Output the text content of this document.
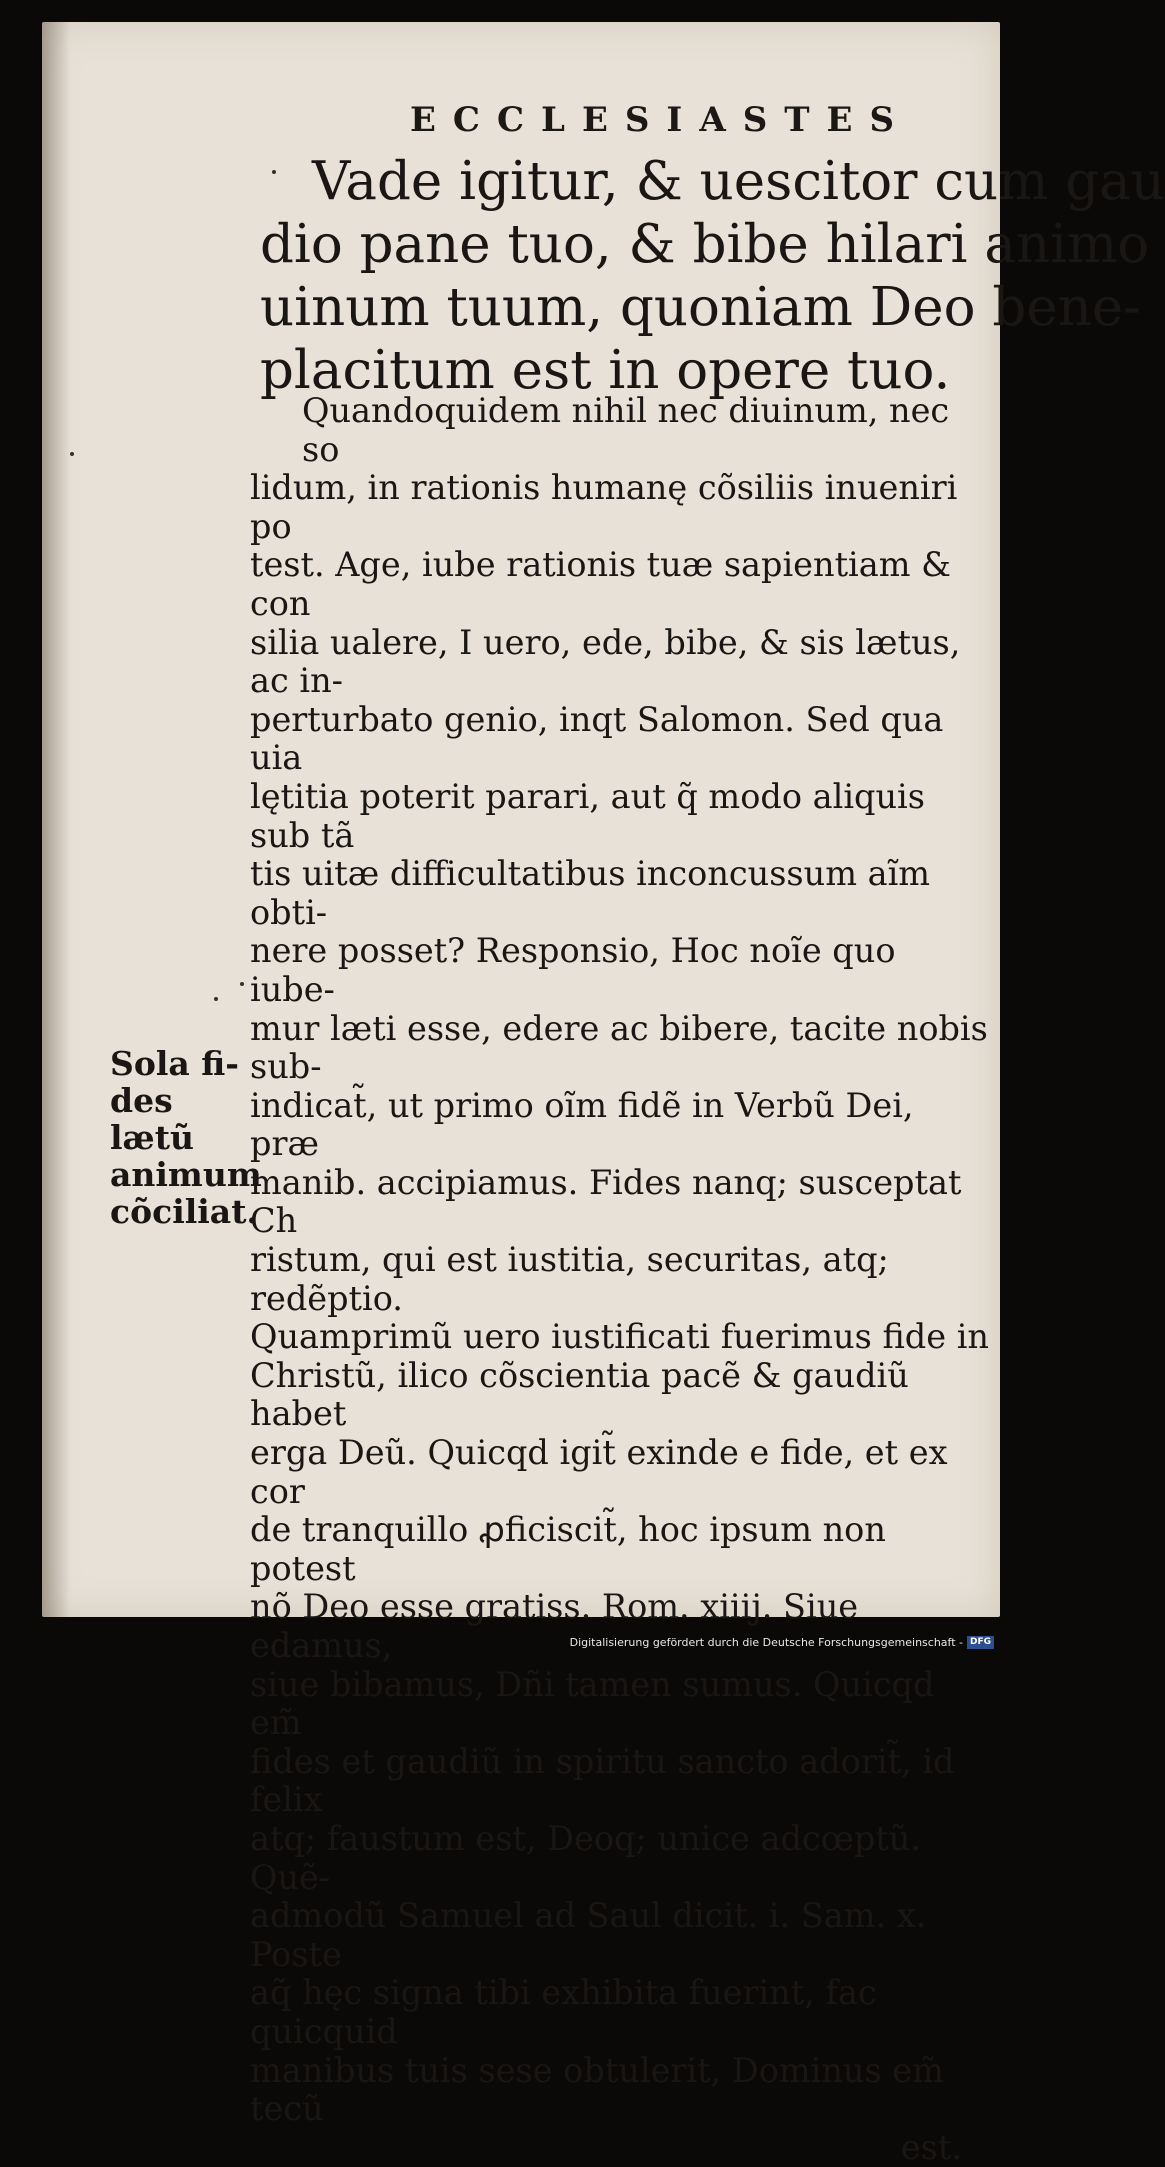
ECCLESIASTES
Vade igitur, & uescitor cum gau
dio pane tuo, & bibe hilari animo
uinum tuum, quoniam Deo bene-
placitum est in opere tuo.
Quandoquidem nihil nec diuinum, nec so
lidum, in rationis humanę cõsiliis inueniri po
test. Age, iube rationis tuæ sapientiam & con
silia ualere, I uero, ede, bibe, & sis lætus, ac in-
perturbato genio, inqt Salomon. Sed qua uia
lętitia poterit parari, aut q̃ modo aliquis sub tã
tis uitæ difficultatibus inconcussum aĩm obti-
nere posset? Responsio, Hoc noĩe quo iube-
mur læti esse, edere ac bibere, tacite nobis sub-
indicat̃, ut primo oĩm fidẽ in Verbũ Dei, præ
manib. accipiamus. Fides nanq; susceptat Ch
ristum, qui est iustitia, securitas, atq; redẽptio.
Quamprimũ uero iustificati fuerimus fide in
Christũ, ilico cõscientia pacẽ & gaudiũ habet
erga Deũ. Quicqd igit̃ exinde e fide, et ex cor
de tranquillo ꝓficiscit̃, hoc ipsum non potest
nõ Deo esse gratiss. Rom. xiiij. Siue edamus,
siue bibamus, Dñi tamen sumus. Quicqd em̃
fides et gaudiũ in spiritu sancto adorit̃, id felix
atq; faustum est, Deoq; unice adcœptũ. Quẽ-
admodũ Samuel ad Saul dicit. i. Sam. x. Poste
aq̃ hęc signa tibi exhibita fuerint, fac quicquid
manibus tuis sese obtulerit, Dominus em̃ tecũ
est.
Sola fi-
des lætũ
animum
cõciliat.
Digitalisierung gefördert durch die Deutsche Forschungsgemeinschaft - DFG
